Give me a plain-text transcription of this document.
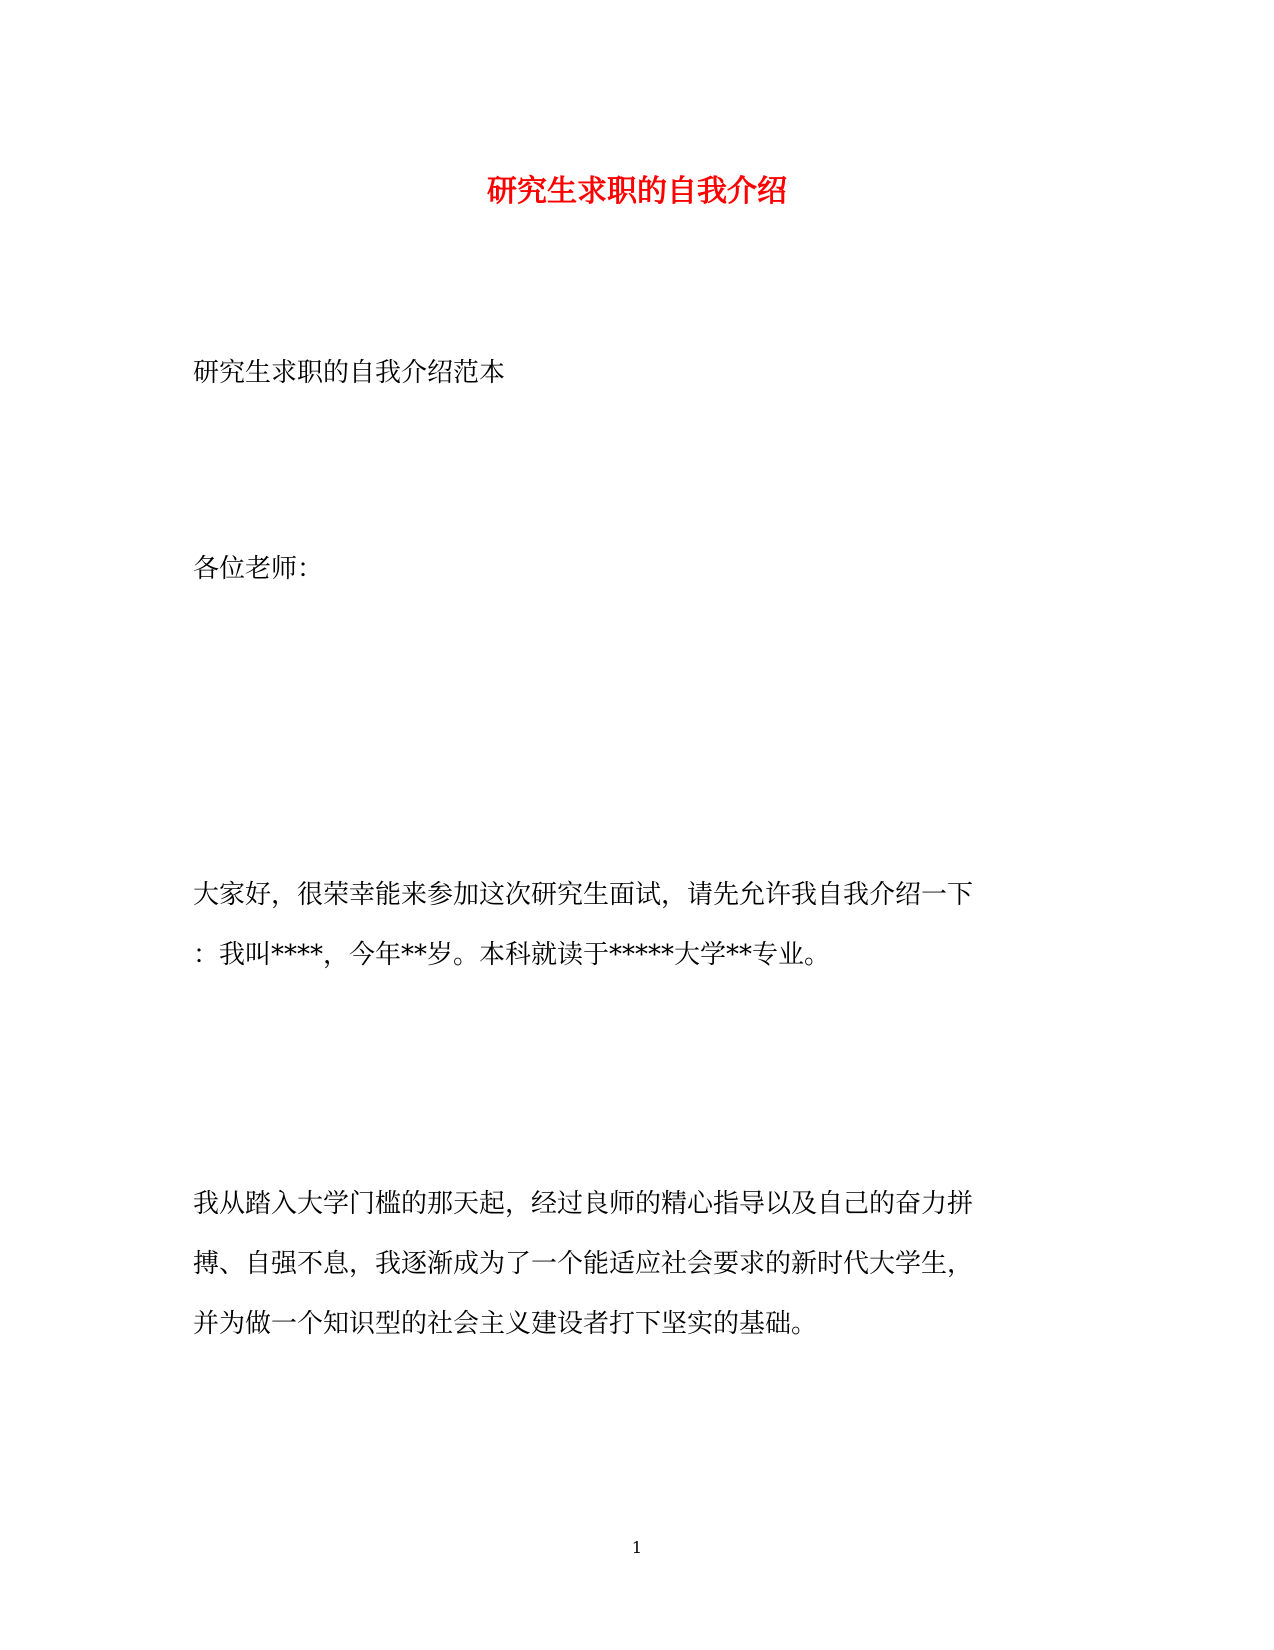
研究生求职的自我介绍

研究生求职的自我介绍范本

各位老师：

大家好，很荣幸能来参加这次研究生面试，请先允许我自我介绍一下
：我叫****，今年**岁。本科就读于*****大学**专业。

我从踏入大学门槛的那天起，经过良师的精心指导以及自己的奋力拼
搏、自强不息，我逐渐成为了一个能适应社会要求的新时代大学生，
并为做一个知识型的社会主义建设者打下坚实的基础。

1
